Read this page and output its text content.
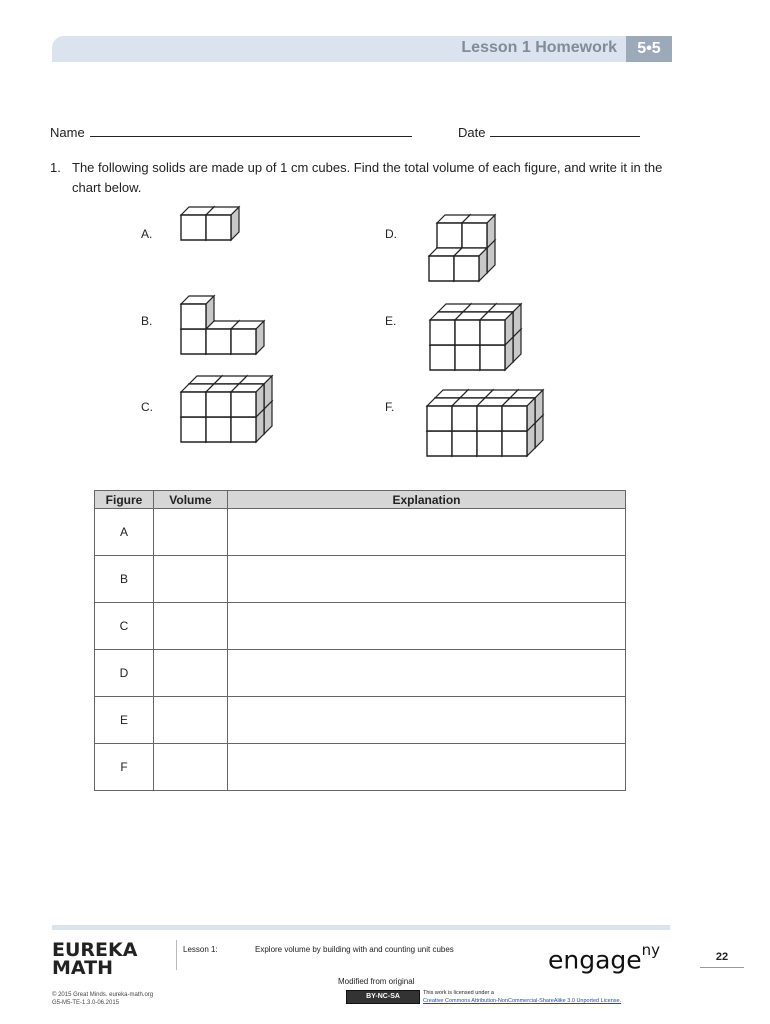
Lesson 1 Homework	5•5
Name	Date
1. The following solids are made up of 1 cm cubes. Find the total volume of each figure, and write it in the chart below.
A.
B.
C.
D.
E.
F.
Figure	Volume	Explanation
A		
B		
C		
D		
E		
F		
EUREKA
MATH
© 2015 Great Minds. eureka-math.org
G5-M5-TE-1.3.0-06.2015
Lesson 1:	Explore volume by building with and counting unit cubes	engage$^{ny}$	22
Modified from original
BY-NC-SA	This work is licensed under a
Creative Commons Attribution-NonCommercial-ShareAlike 3.0 Unported License.
